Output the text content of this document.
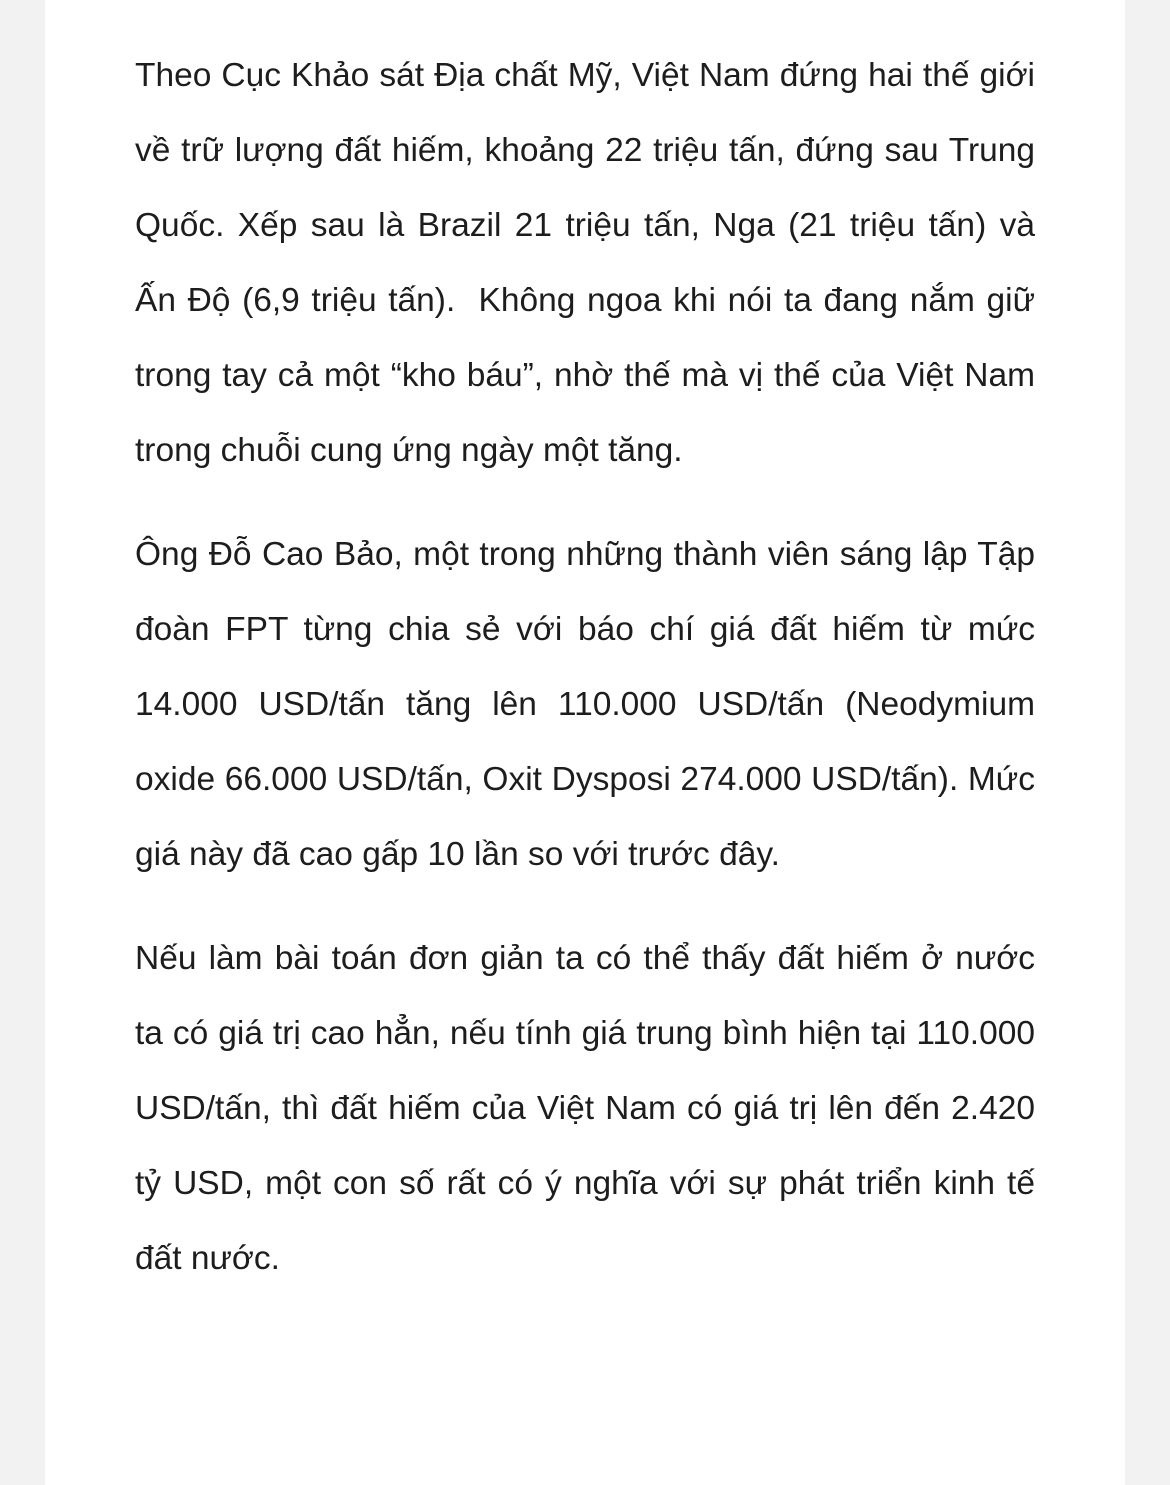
Theo Cục Khảo sát Địa chất Mỹ, Việt Nam đứng hai thế giới về trữ lượng đất hiếm, khoảng 22 triệu tấn, đứng sau Trung Quốc. Xếp sau là Brazil 21 triệu tấn, Nga (21 triệu tấn) và Ấn Độ (6,9 triệu tấn).  Không ngoa khi nói ta đang nắm giữ trong tay cả một “kho báu”, nhờ thế mà vị thế của Việt Nam trong chuỗi cung ứng ngày một tăng.

Ông Đỗ Cao Bảo, một trong những thành viên sáng lập Tập đoàn FPT từng chia sẻ với báo chí giá đất hiếm từ mức 14.000 USD/tấn tăng lên 110.000 USD/tấn (Neodymium oxide 66.000 USD/tấn, Oxit Dysposi 274.000 USD/tấn). Mức giá này đã cao gấp 10 lần so với trước đây.

Nếu làm bài toán đơn giản ta có thể thấy đất hiếm ở nước ta có giá trị cao hẳn, nếu tính giá trung bình hiện tại 110.000 USD/tấn, thì đất hiếm của Việt Nam có giá trị lên đến 2.420 tỷ USD, một con số rất có ý nghĩa với sự phát triển kinh tế đất nước.
